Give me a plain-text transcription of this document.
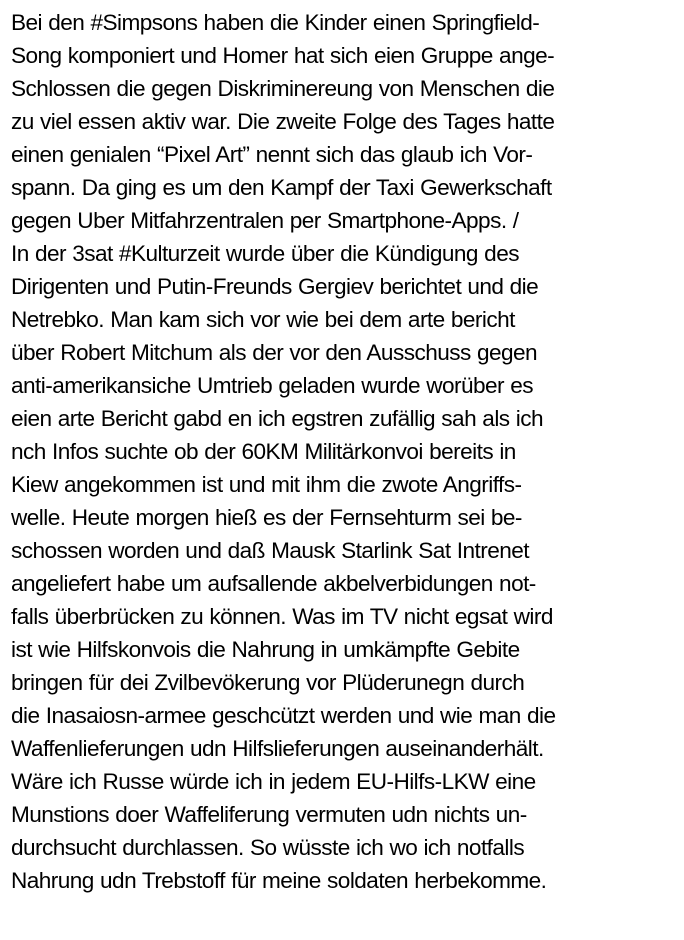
Bei den #Simpsons haben die Kinder einen Springfield-
Song komponiert und Homer hat sich eien Gruppe ange-
Schlossen die gegen Diskriminereung von Menschen die
zu viel essen aktiv war. Die zweite Folge des Tages hatte
einen genialen “Pixel Art” nennt sich das glaub ich Vor-
spann. Da ging es um den Kampf der Taxi Gewerkschaft
gegen Uber Mitfahrzentralen per Smartphone-Apps. /
In der 3sat #Kulturzeit wurde über die Kündigung des
Dirigenten und Putin-Freunds Gergiev berichtet und die
Netrebko. Man kam sich vor wie bei dem arte bericht
über Robert Mitchum als der vor den Ausschuss gegen
anti-amerikansiche Umtrieb geladen wurde worüber es
eien arte Bericht gabd en ich egstren zufällig sah als ich
nch Infos suchte ob der 60KM Militärkonvoi bereits in
Kiew angekommen ist und mit ihm die zwote Angriffs-
welle. Heute morgen hieß es der Fernsehturm sei be-
schossen worden und daß Mausk Starlink Sat Intrenet
angeliefert habe um aufsallende akbelverbidungen not-
falls überbrücken zu können. Was im TV nicht egsat wird
ist wie Hilfskonvois die Nahrung in umkämpfte Gebite
bringen für dei Zvilbevökerung vor Plüderunegn durch
die Inasaiosn-armee geschcützt werden und wie man die
Waffenlieferungen udn Hilfslieferungen auseinanderhält.
Wäre ich Russe würde ich in jedem EU-Hilfs-LKW eine
Munstions doer Waffeliferung vermuten udn nichts un-
durchsucht durchlassen. So wüsste ich wo ich notfalls
Nahrung udn Trebstoff für meine soldaten herbekomme.
